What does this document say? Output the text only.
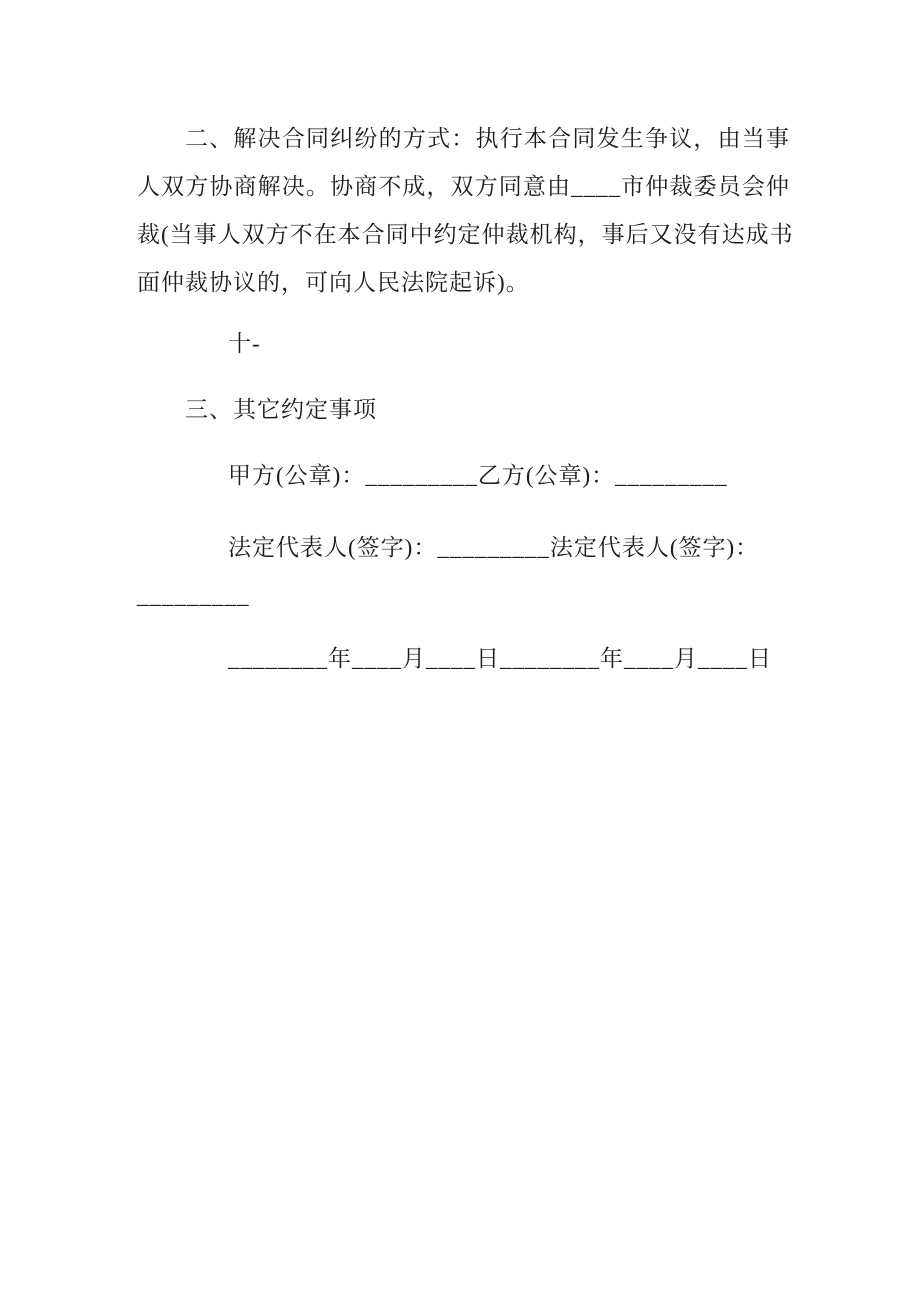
二、解决合同纠纷的方式：执行本合同发生争议，由当事
人双方协商解决。协商不成，双方同意由____市仲裁委员会仲
裁(当事人双方不在本合同中约定仲裁机构，事后又没有达成书
面仲裁协议的，可向人民法院起诉)。
十-
三、其它约定事项
甲方(公章)：_________乙方(公章)：_________
法定代表人(签字)：_________法定代表人(签字)：
_________
________年____月____日________年____月____日
